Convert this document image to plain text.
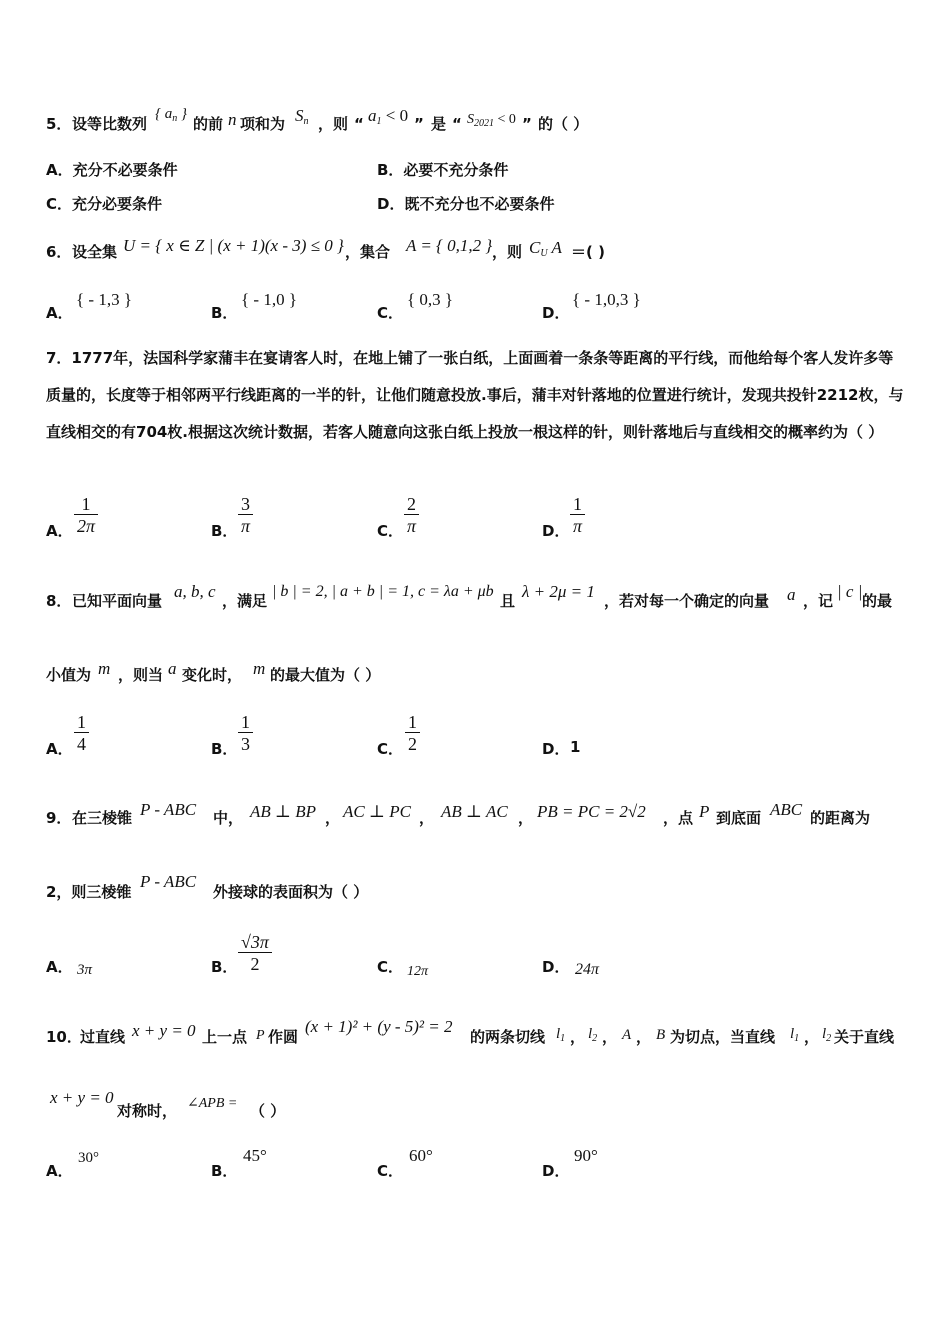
5． 设等比数列
{ $a_n$ }
的前 n 项和为 $S_n$ ，则 “ $a_1 < 0$ ” 是 “ $S_{2021} < 0$ ” 的（ ）
A．充分不必要条件	B．必要不充分条件
C．充分必要条件	D．既不充分也不必要条件
6． 设全集 U = { x ∈ Z | (x + 1)(x - 3) ≤ 0 } ，集合 A = { 0,1,2 } ，则 $C_U$ A ＝( )
A．
{ - 1,3 }
B．
{ - 1,0 }
C．
{ 0,3 }
D．
{ - 1,0,3 }
7．1777年，法国科学家蒲丰在宴请客人时，在地上铺了一张白纸，上面画着一条条等距离的平行线，而他给每个客人发许多等质量的，长度等于相邻两平行线距离的一半的针，让他们随意投放.事后，蒲丰对针落地的位置进行统计，发现共投针2212枚，与直线相交的有704枚.根据这次统计数据，若客人随意向这张白纸上投放一根这样的针，则针落地后与直线相交的概率约为（ ）
A． $\frac{1}{2\pi}$	B． $\frac{3}{\pi}$	C． $\frac{2}{\pi}$	D． $\frac{1}{\pi}$
8． 已知平面向量 a, b, c ，满足
| b | = 2, | a + b | = 1, c = λa + μb
且 λ + 2μ = 1 ，若对每一个确定的向量 a ，记 | c | 的最
小值为 m ，则当 a 变化时， m 的最大值为（ ）
A． $\frac{1}{4}$	B． $\frac{1}{3}$	C． $\frac{1}{2}$	D． 1
9． 在三棱锥 P - ABC 中， AB ⊥ BP ， AC ⊥ PC ， AB ⊥ AC ， PB = PC = 2√2 ，点 P 到底面 ABC 的距离为
2，则三棱锥
P - ABC
外接球的表面积为（ ）
A． 3π	B． $\frac{√3\pi}{2}$	C． 12π	D． 24π
10．
过直线 x + y = 0 上一点 P 作圆
(x + 1)² + (y - 5)² = 2
的两条切线 $l_1$ ， $l_2$ ， A ， B 为切点，当直线 $l_1$ ， $l_2$ 关于直线
x + y = 0
对称时， ∠APB = （ ）
A．
30°
B．
45°
C．
60°
D．
90°
